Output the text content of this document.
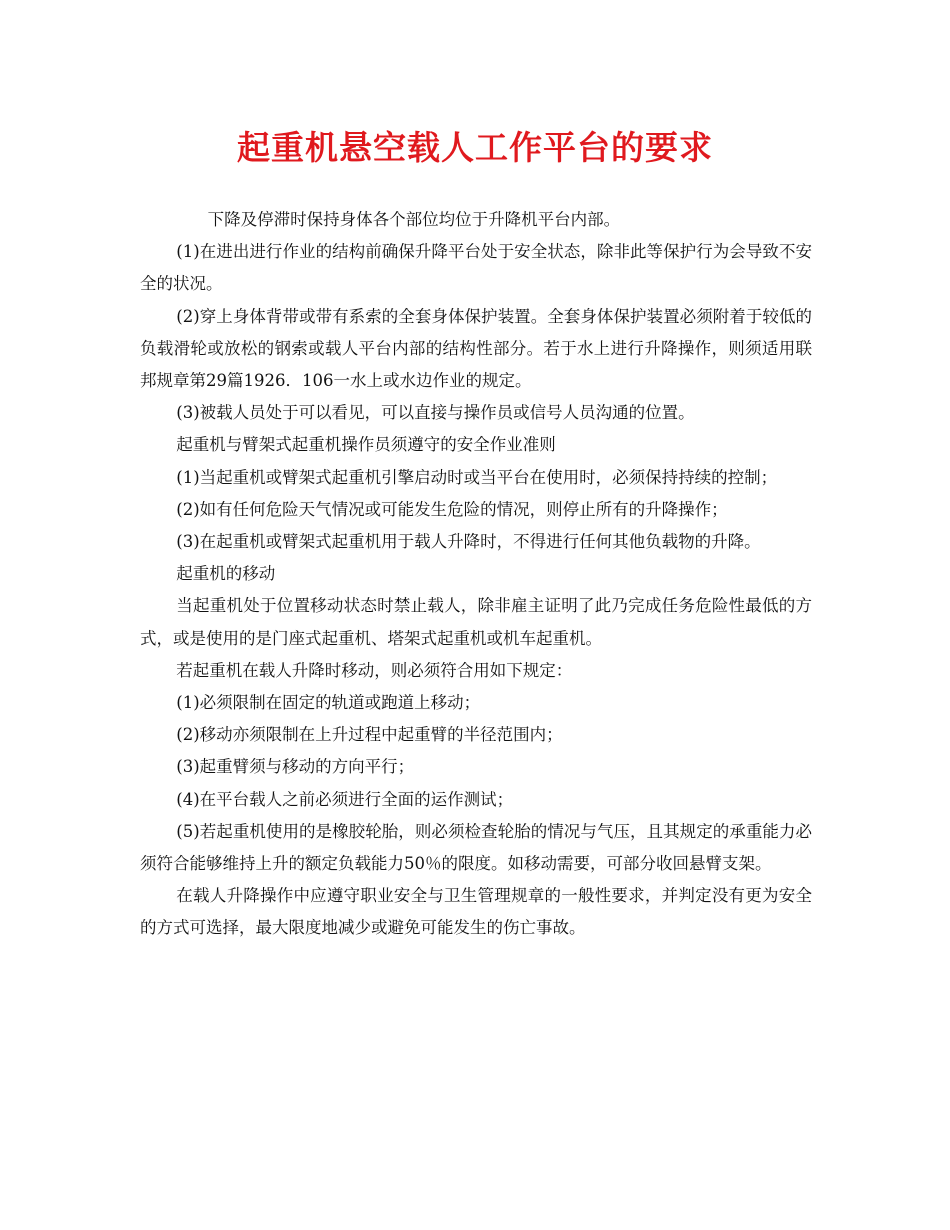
起重机悬空载人工作平台的要求

下降及停滞时保持身体各个部位均位于升降机平台内部。

(1)在进出进行作业的结构前确保升降平台处于安全状态，除非此等保护行为会导致不安全的状况。

(2)穿上身体背带或带有系索的全套身体保护装置。全套身体保护装置必须附着于较低的负载滑轮或放松的钢索或载人平台内部的结构性部分。若于水上进行升降操作，则须适用联邦规章第29篇1926．106一水上或水边作业的规定。

(3)被载人员处于可以看见，可以直接与操作员或信号人员沟通的位置。

起重机与臂架式起重机操作员须遵守的安全作业准则

(1)当起重机或臂架式起重机引擎启动时或当平台在使用时，必须保持持续的控制；

(2)如有任何危险天气情况或可能发生危险的情况，则停止所有的升降操作；

(3)在起重机或臂架式起重机用于载人升降时，不得进行任何其他负载物的升降。

起重机的移动

当起重机处于位置移动状态时禁止载人，除非雇主证明了此乃完成任务危险性最低的方式，或是使用的是门座式起重机、塔架式起重机或机车起重机。

若起重机在载人升降时移动，则必须符合用如下规定：

(1)必须限制在固定的轨道或跑道上移动；

(2)移动亦须限制在上升过程中起重臂的半径范围内；

(3)起重臂须与移动的方向平行；

(4)在平台载人之前必须进行全面的运作测试；

(5)若起重机使用的是橡胶轮胎，则必须检查轮胎的情况与气压，且其规定的承重能力必须符合能够维持上升的额定负载能力50％的限度。如移动需要，可部分收回悬臂支架。

在载人升降操作中应遵守职业安全与卫生管理规章的一般性要求，并判定没有更为安全的方式可选择，最大限度地减少或避免可能发生的伤亡事故。
